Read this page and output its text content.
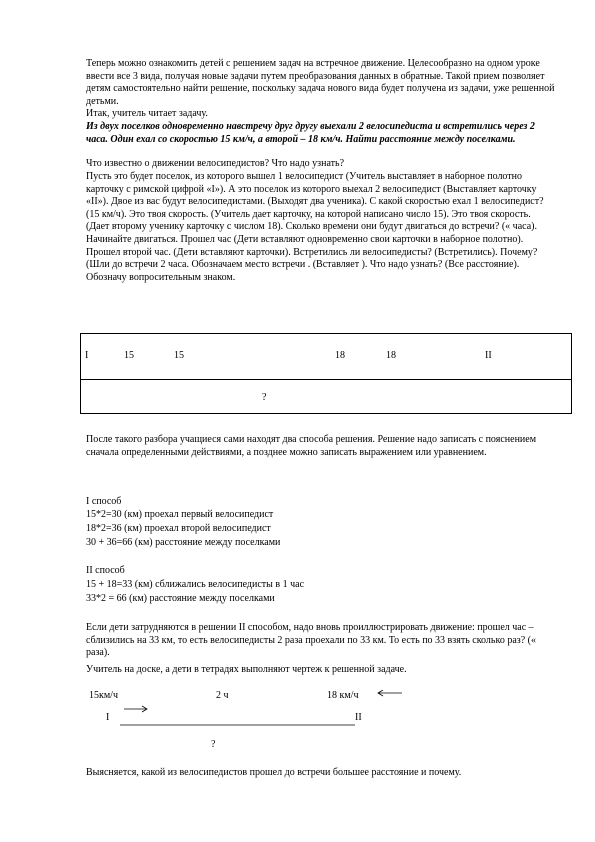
Теперь можно ознакомить детей с решением задач на встречное движение. Целесообразно на одном уроке ввести все 3 вида, получая новые задачи путем преобразования данных в обратные. Такой прием позволяет детям самостоятельно найти решение, поскольку задача нового вида будет получена из задачи, уже решенной детьми.

Итак, учитель читает задачу.

Из двух поселков одновременно навстречу друг другу выехали 2 велосипедиста и встретились через 2 часа. Один ехал со скоростью 15 км/ч, а второй – 18 км/ч. Найти расстояние между поселками.

Что известно о движении велосипедистов? Что надо узнать?

Пусть это будет поселок, из которого вышел 1 велосипедист (Учитель выставляет в наборное полотно карточку с римской цифрой «I»). А это поселок из которого выехал 2 велосипедист (Выставляет карточку «II»). Двое из вас будут велосипедистами. (Выходят два ученика). С какой скоростью ехал 1 велосипедист? (15 км/ч). Это твоя скорость. (Учитель дает карточку, на которой написано число 15). Это твоя скорость. (Дает второму ученику карточку с числом 18). Сколько времени они будут двигаться до встречи? (« часа). Начинайте двигаться. Прошел час (Дети вставляют одновременно свои карточки в наборное полотно). Прошел второй час. (Дети вставляют карточки). Встретились ли велосипедисты? (Встретились). Почему? (Шли до встречи 2 часа. Обозначаем место встречи . (Вставляет ). Что надо узнать? (Все расстояние). Обозначу вопросительным знаком.

I	15	15	18	18	II
?

После такого разбора учащиеся сами находят два способа решения. Решение надо записать с пояснением сначала определенными действиями, а позднее можно записать выражением или уравнением.

I способ
15*2=30 (км) проехал первый велосипедист
18*2=36 (км) проехал второй велосипедист
30 + 36=66 (км) расстояние между поселками
II способ
15 + 18=33 (км) сближались велосипедисты в 1 час
33*2 = 66 (км) расстояние между поселками

Если дети затрудняются в решении II способом, надо вновь проиллюстрировать движение: прошел час – сблизились на 33 км, то есть велосипедисты 2 раза проехали по 33 км. То есть по 33 взять сколько раз? (« раза).

Учитель на доске, а дети в тетрадях выполняют чертеж к решенной задаче.

15км/ч	2 ч	18 км/ч
I	II
?

Выясняется, какой из велосипедистов прошел до встречи большее расстояние и почему.
